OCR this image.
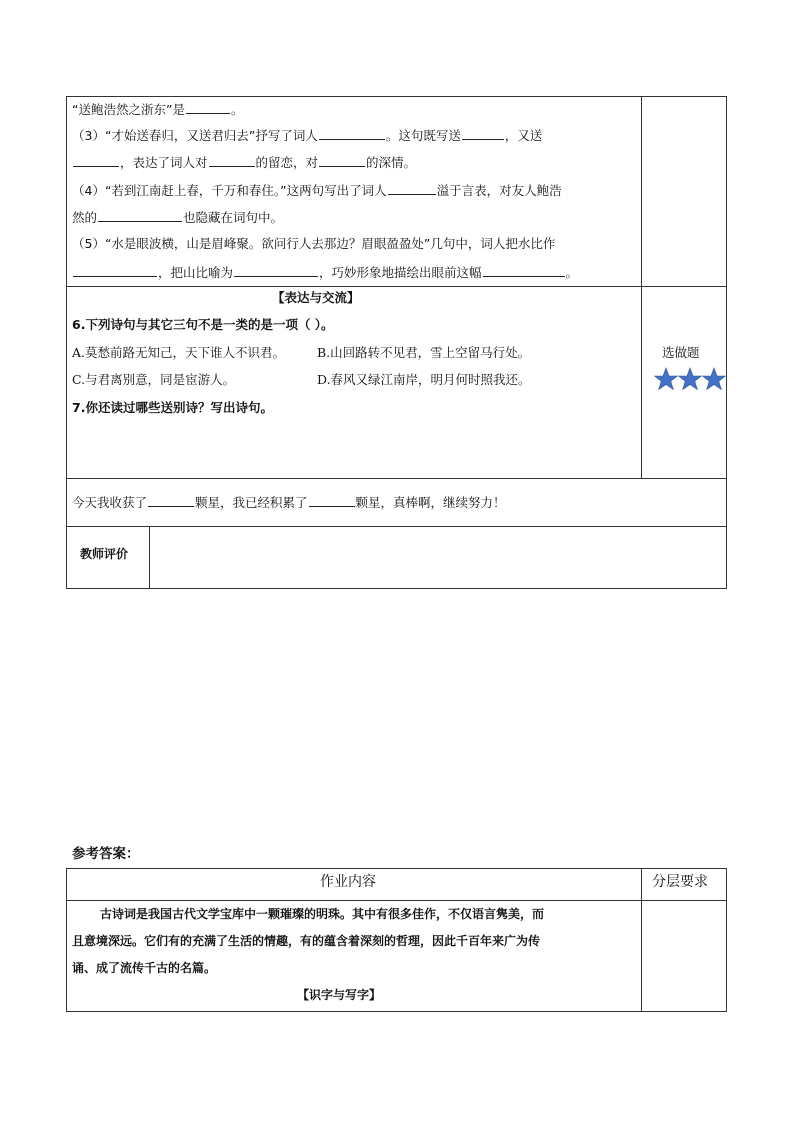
“送鲍浩然之浙东”是	。
（3）“才始送春归，又送君归去”抒写了词人	。这句既写送	，又送
，表达了词人对	的留恋，对	的深情。
（4）“若到江南赶上春，千万和春住。”这两句写出了词人	溢于言表，对友人鲍浩
然的	也隐藏在词句中。
（5）“水是眼波横，山是眉峰聚。欲问行人去那边？眉眼盈盈处”几句中，词人把水比作
，把山比喻为	，巧妙形象地描绘出眼前这幅	。
【表达与交流】
6.下列诗句与其它三句不是一类的是一项（ ）。
A.莫愁前路无知己，天下谁人不识君。	B.山回路转不见君，雪上空留马行处。
C.与君离别意，同是宦游人。	D.春风又绿江南岸，明月何时照我还。
7.你还读过哪些送别诗？写出诗句。
选做题
今天我收获了	颗星，我已经积累了	颗星，真棒啊，继续努力！
教师评价
参考答案：
作业内容	分层要求
古诗词是我国古代文学宝库中一颗璀璨的明珠。其中有很多佳作，不仅语言隽美，而
且意境深远。它们有的充满了生活的情趣，有的蕴含着深刻的哲理，因此千百年来广为传
诵、成了流传千古的名篇。
【识字与写字】
